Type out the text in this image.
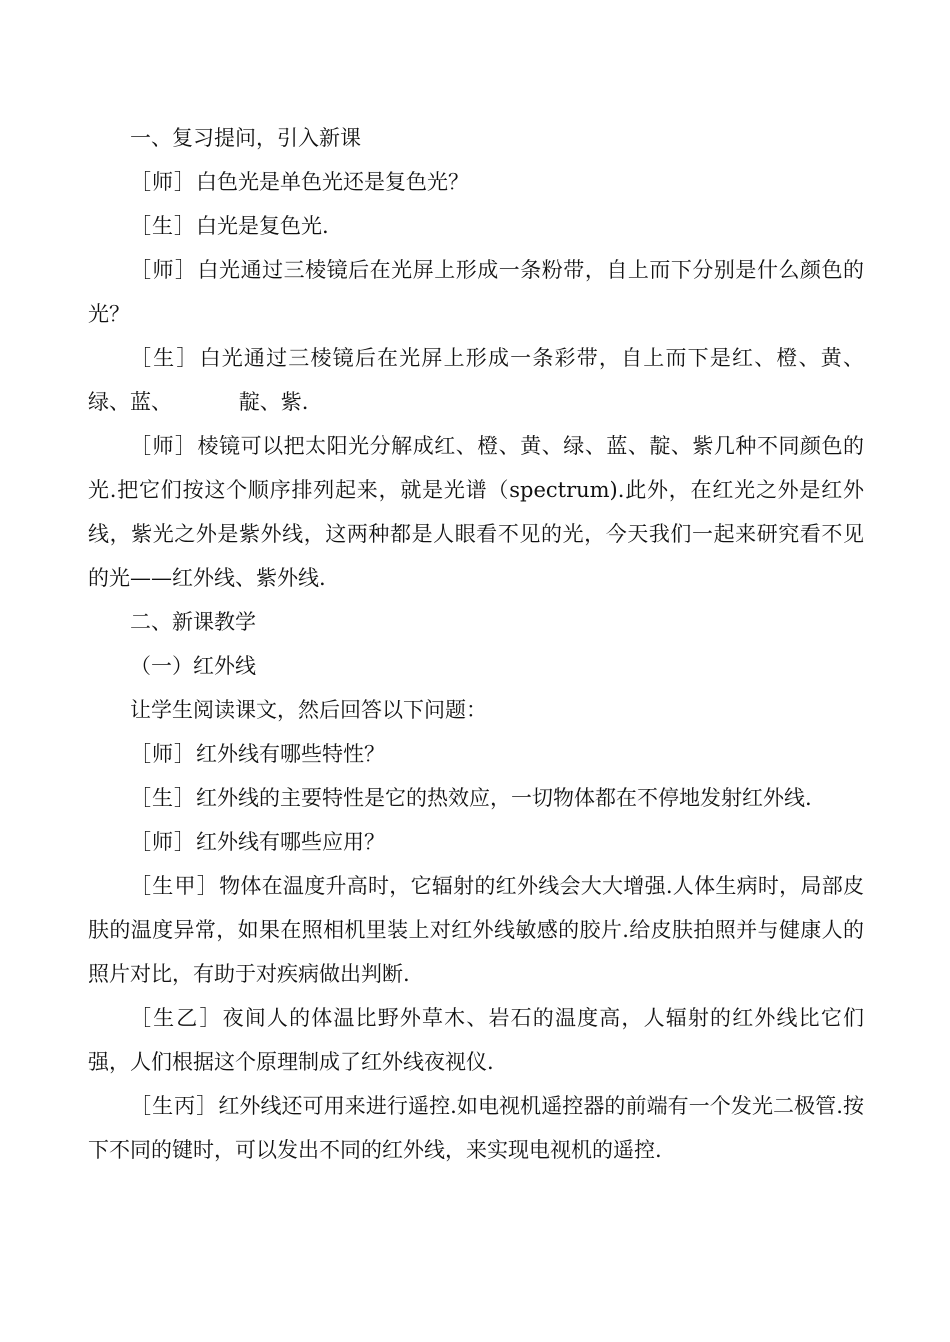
一、复习提问，引入新课

［师］白色光是单色光还是复色光？

［生］白光是复色光.

［师］白光通过三棱镜后在光屏上形成一条粉带，自上而下分别是什么颜色的光？

［生］白光通过三棱镜后在光屏上形成一条彩带，自上而下是红、橙、黄、绿、蓝、          靛、紫.

［师］棱镜可以把太阳光分解成红、橙、黄、绿、蓝、靛、紫几种不同颜色的光.把它们按这个顺序排列起来，就是光谱（spectrum).此外，在红光之外是红外线，紫光之外是紫外线，这两种都是人眼看不见的光，今天我们一起来研究看不见的光——红外线、紫外线.

二、新课教学

（一）红外线

让学生阅读课文，然后回答以下问题：

［师］红外线有哪些特性？

［生］红外线的主要特性是它的热效应，一切物体都在不停地发射红外线.

［师］红外线有哪些应用？

［生甲］物体在温度升高时，它辐射的红外线会大大增强.人体生病时，局部皮肤的温度异常，如果在照相机里装上对红外线敏感的胶片.给皮肤拍照并与健康人的照片对比，有助于对疾病做出判断.

［生乙］夜间人的体温比野外草木、岩石的温度高，人辐射的红外线比它们强，人们根据这个原理制成了红外线夜视仪.

［生丙］红外线还可用来进行遥控.如电视机遥控器的前端有一个发光二极管.按下不同的键时，可以发出不同的红外线，来实现电视机的遥控.
